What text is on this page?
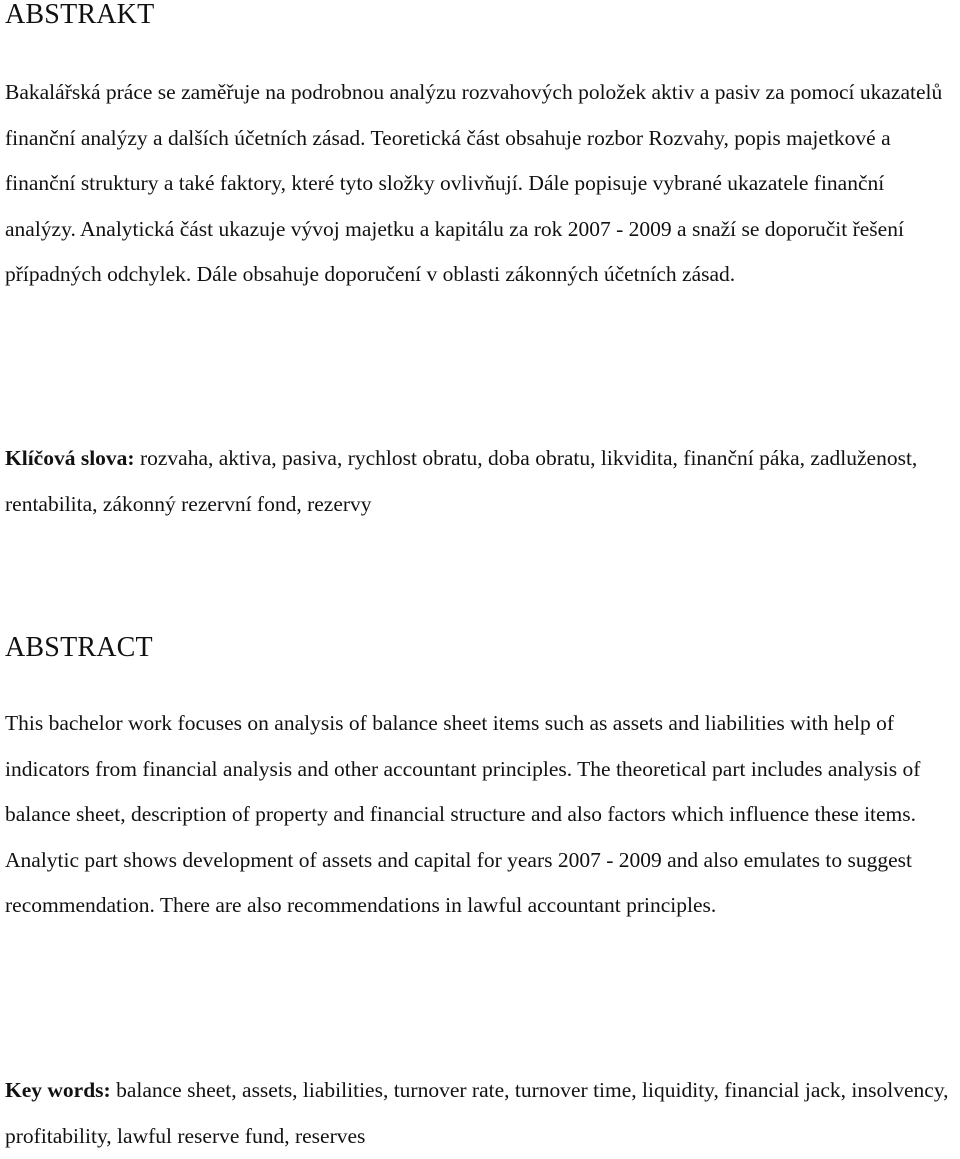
ABSTRAKT

Bakalářská práce se zaměřuje na podrobnou analýzu rozvahových položek aktiv a pasiv za pomocí ukazatelů finanční analýzy a dalších účetních zásad. Teoretická část obsahuje rozbor Rozvahy, popis majetkové a finanční struktury a také faktory, které tyto složky ovlivňují. Dále popisuje vybrané ukazatele finanční analýzy. Analytická část ukazuje vývoj majetku a kapitálu za rok 2007 - 2009 a snaží se doporučit řešení případných odchylek. Dále obsahuje doporučení v oblasti zákonných účetních zásad.

Klíčová slova: rozvaha, aktiva, pasiva, rychlost obratu, doba obratu, likvidita, finanční páka, zadluženost, rentabilita, zákonný rezervní fond, rezervy

ABSTRACT

This bachelor work focuses on analysis of balance sheet items such as assets and liabilities with help of indicators from financial analysis and other accountant principles. The theoretical part includes analysis of balance sheet, description of property and financial structure and also factors which influence these items. Analytic part shows development of assets and capital for years 2007 - 2009 and also emulates to suggest recommendation. There are also recommendations in lawful accountant principles.

Key words: balance sheet, assets, liabilities, turnover rate, turnover time, liquidity, financial jack, insolvency, profitability, lawful reserve fund, reserves
